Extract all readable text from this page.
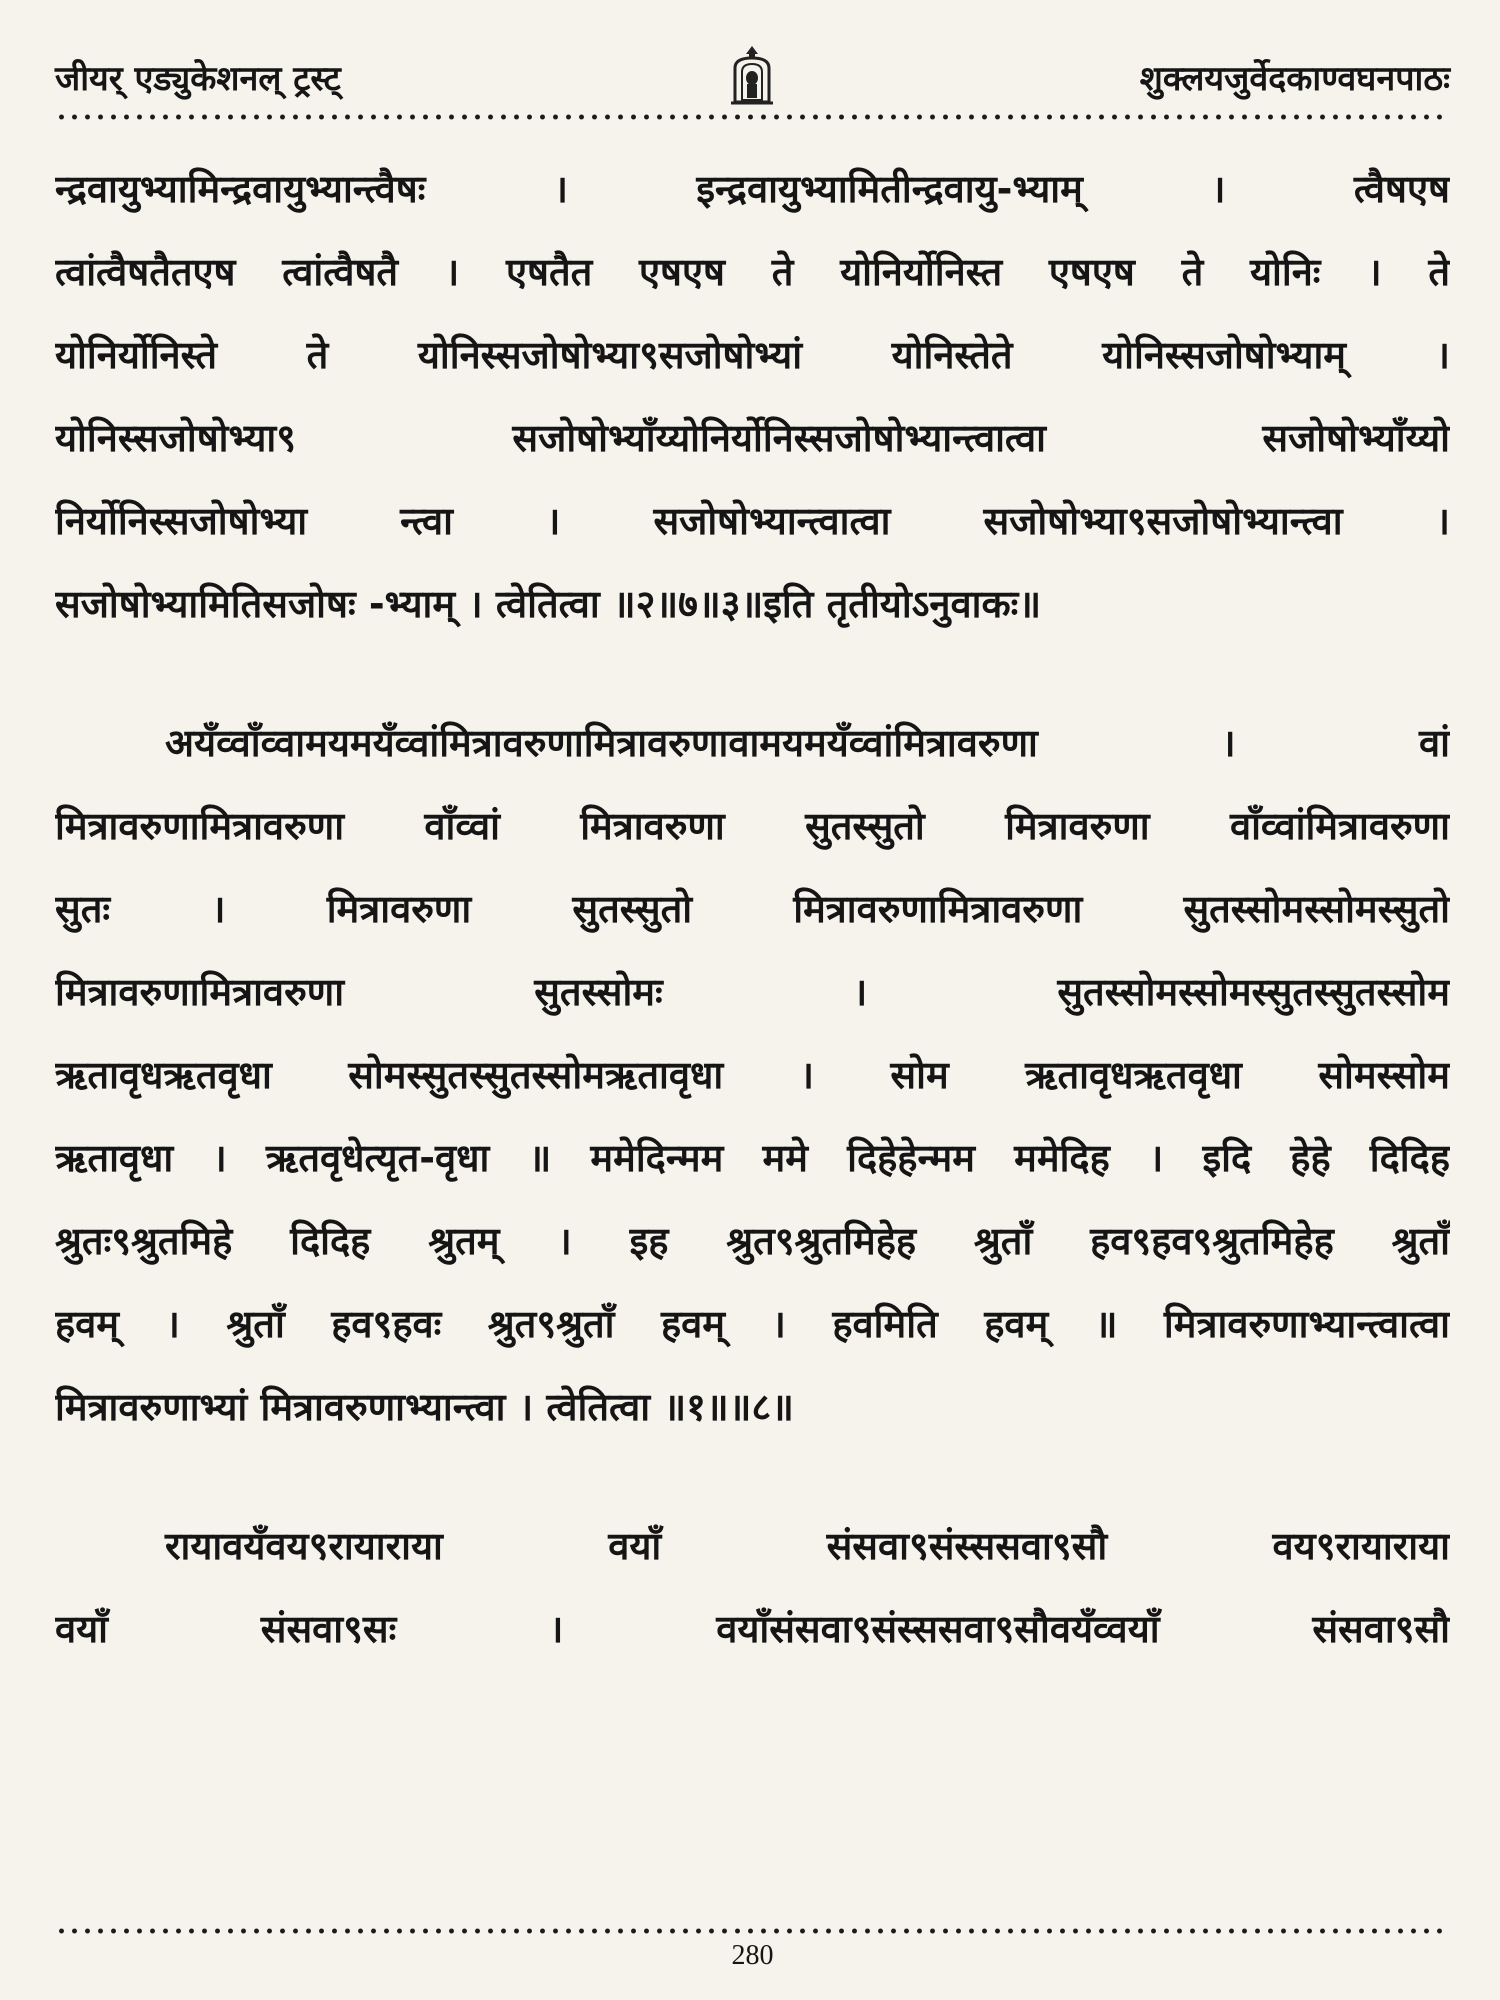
जीयर् एड्युकेशनल् ट्रस्ट्	शुक्लयजुर्वेदकाण्वघनपाठः
न्द्रवायुभ्यामिन्द्रवायुभ्यान्त्वैषः । इन्द्रवायुभ्यामितीन्द्रवायु-भ्याम् । त्वैषएष
त्वांत्वैषतैतएष त्वांत्वैषतै । एषतैत एषएष ते योनिर्योनिस्त एषएष ते योनिः । ते
योनिर्योनिस्ते ते योनिस्सजोषोभ्या९सजोषोभ्यां योनिस्तेते योनिस्सजोषोभ्याम् ।
योनिस्सजोषोभ्या९ सजोषोभ्याँय्योनिर्योनिस्सजोषोभ्यान्त्वात्वा सजोषोभ्याँय्यो
निर्योनिस्सजोषोभ्या न्त्वा । सजोषोभ्यान्त्वात्वा सजोषोभ्या९सजोषोभ्यान्त्वा ।
सजोषोभ्यामितिसजोषः -भ्याम् । त्वेतित्वा ॥२॥७॥३॥इति तृतीयोऽनुवाकः॥
अयँव्वाँव्वामयमयँव्वांमित्रावरुणामित्रावरुणावामयमयँव्वांमित्रावरुणा । वां
मित्रावरुणामित्रावरुणा वाँव्वां मित्रावरुणा सुतस्सुतो मित्रावरुणा वाँव्वांमित्रावरुणा
सुतः । मित्रावरुणा सुतस्सुतो मित्रावरुणामित्रावरुणा सुतस्सोमस्सोमस्सुतो
मित्रावरुणामित्रावरुणा सुतस्सोमः । सुतस्सोमस्सोमस्सुतस्सुतस्सोम
ऋतावृधऋतवृधा सोमस्सुतस्सुतस्सोमऋतावृधा । सोम ऋतावृधऋतवृधा सोमस्सोम
ऋतावृधा । ऋतवृधेत्यृत-वृधा ॥ ममेदिन्मम ममे दिहेहेन्मम ममेदिह । इदि हेहे दिदिह
श्रुतः९श्रुतमिहे दिदिह श्रुतम् । इह श्रुत९श्रुतमिहेह श्रुताँ हव९हव९श्रुतमिहेह श्रुताँ
हवम् । श्रुताँ हव९हवः श्रुत९श्रुताँ हवम् । हवमिति हवम् ॥ मित्रावरुणाभ्यान्त्वात्वा
मित्रावरुणाभ्यां मित्रावरुणाभ्यान्त्वा । त्वेतित्वा ॥१॥॥८॥
रायावयँवय९रायाराया वयाँ संसवा९संस्ससवा९सौ वय९रायाराया
वयाँ संसवा९सः । वयाँसंसवा९संस्ससवा९सौवयँव्वयाँ संसवा९सौ
280
